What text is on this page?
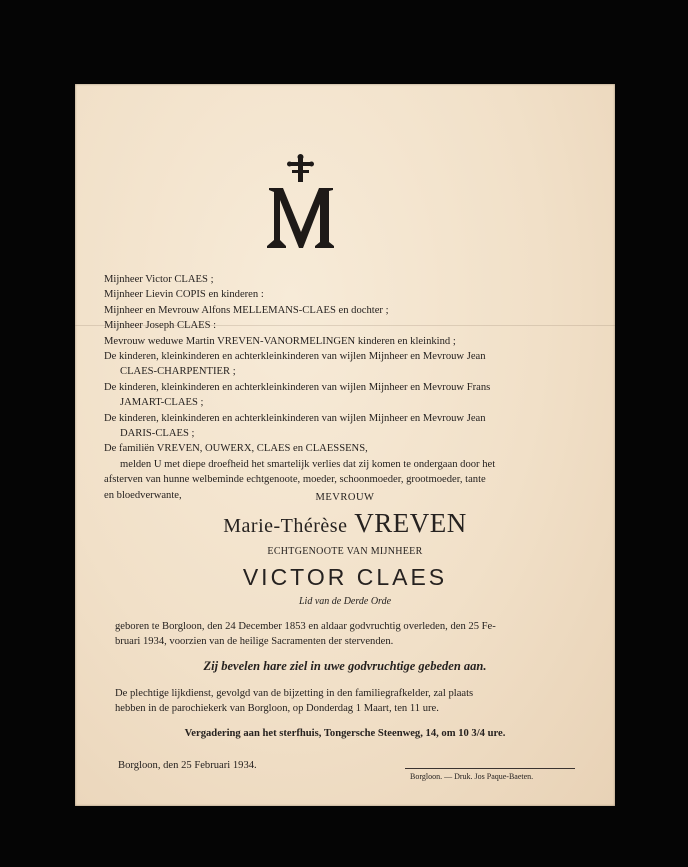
Mijnheer Victor CLAES ;
Mijnheer Lievin COPIS en kinderen :
Mijnheer en Mevrouw Alfons MELLEMANS-CLAES en dochter ;
Mijnheer Joseph CLAES :
Mevrouw weduwe Martin VREVEN-VANORMELINGEN kinderen en kleinkind ;
De kinderen, kleinkinderen en achterkleinkinderen van wijlen Mijnheer en Mevrouw Jean
CLAES-CHARPENTIER ;
De kinderen, kleinkinderen en achterkleinkinderen van wijlen Mijnheer en Mevrouw Frans
JAMART-CLAES ;
De kinderen, kleinkinderen en achterkleinkinderen van wijlen Mijnheer en Mevrouw Jean
DARIS-CLAES ;
De familiën VREVEN, OUWERX, CLAES en CLAESSENS,
melden U met diepe droefheid het smartelijk verlies dat zij komen te ondergaan door het
afsterven van hunne welbeminde echtgenoote, moeder, schoonmoeder, grootmoeder, tante
en bloedverwante,	MEVROUW
Marie-Thérèse VREVEN
ECHTGENOOTE VAN MIJNHEER
VICTOR CLAES
Lid van de Derde Orde
geboren te Borgloon, den 24 December 1853 en aldaar godvruchtig overleden, den 25 Fe-
bruari 1934, voorzien van de heilige Sacramenten der stervenden.
Zij bevelen hare ziel in uwe godvruchtige gebeden aan.
De plechtige lijkdienst, gevolgd van de bijzetting in den familiegrafkelder, zal plaats
hebben in de parochiekerk van Borgloon, op Donderdag 1 Maart, ten 11 ure.
Vergadering aan het sterfhuis, Tongersche Steenweg, 14, om 10 3/4 ure.
Borgloon, den 25 Februari 1934.
Borgloon. — Druk. Jos Paque-Baeten.
